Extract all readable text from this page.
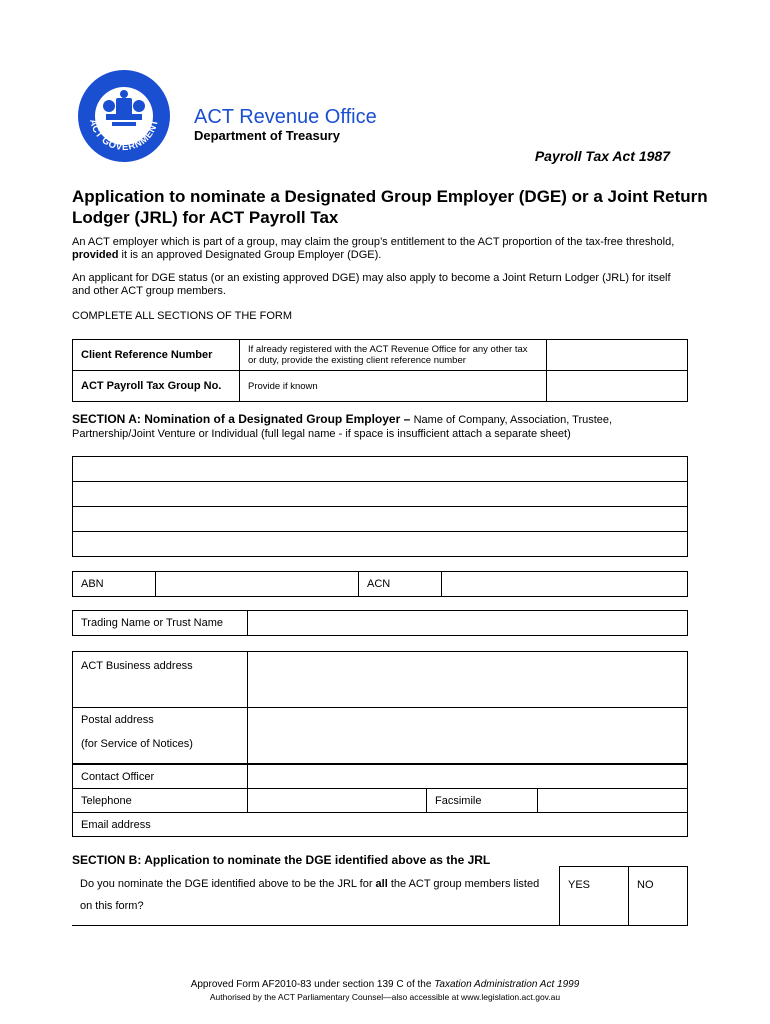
ACT GOVERNMENT ACT Revenue Office
Department of Treasury
Payroll Tax Act 1987
Application to nominate a Designated Group Employer (DGE) or a Joint Return Lodger (JRL) for ACT Payroll Tax
An ACT employer which is part of a group, may claim the group’s entitlement to the ACT proportion of the tax-free threshold, provided it is an approved Designated Group Employer (DGE).
An applicant for DGE status (or an existing approved DGE) may also apply to become a Joint Return Lodger (JRL) for itself and other ACT group members.
COMPLETE ALL SECTIONS OF THE FORM
Client Reference Number	If already registered with the ACT Revenue Office for any other tax or duty, provide the existing client reference number	
ACT Payroll Tax Group No.	Provide if known	
SECTION A: Nomination of a Designated Group Employer – Name of Company, Association, Trustee, Partnership/Joint Venture or Individual (full legal name - if space is insufficient attach a separate sheet)

ABN		ACN	
Trading Name or Trust Name	
ACT Business address	
Postal address
(for Service of Notices)	
Contact Officer			
Telephone		Facsimile	
Email address			
SECTION B: Application to nominate the DGE identified above as the JRL
Do you nominate the DGE identified above to be the JRL for all the ACT group members listed on this form?	YES	NO
Approved Form AF2010-83 under section 139 C of the Taxation Administration Act 1999
Authorised by the ACT Parliamentary Counsel—also accessible at www.legislation.act.gov.au
